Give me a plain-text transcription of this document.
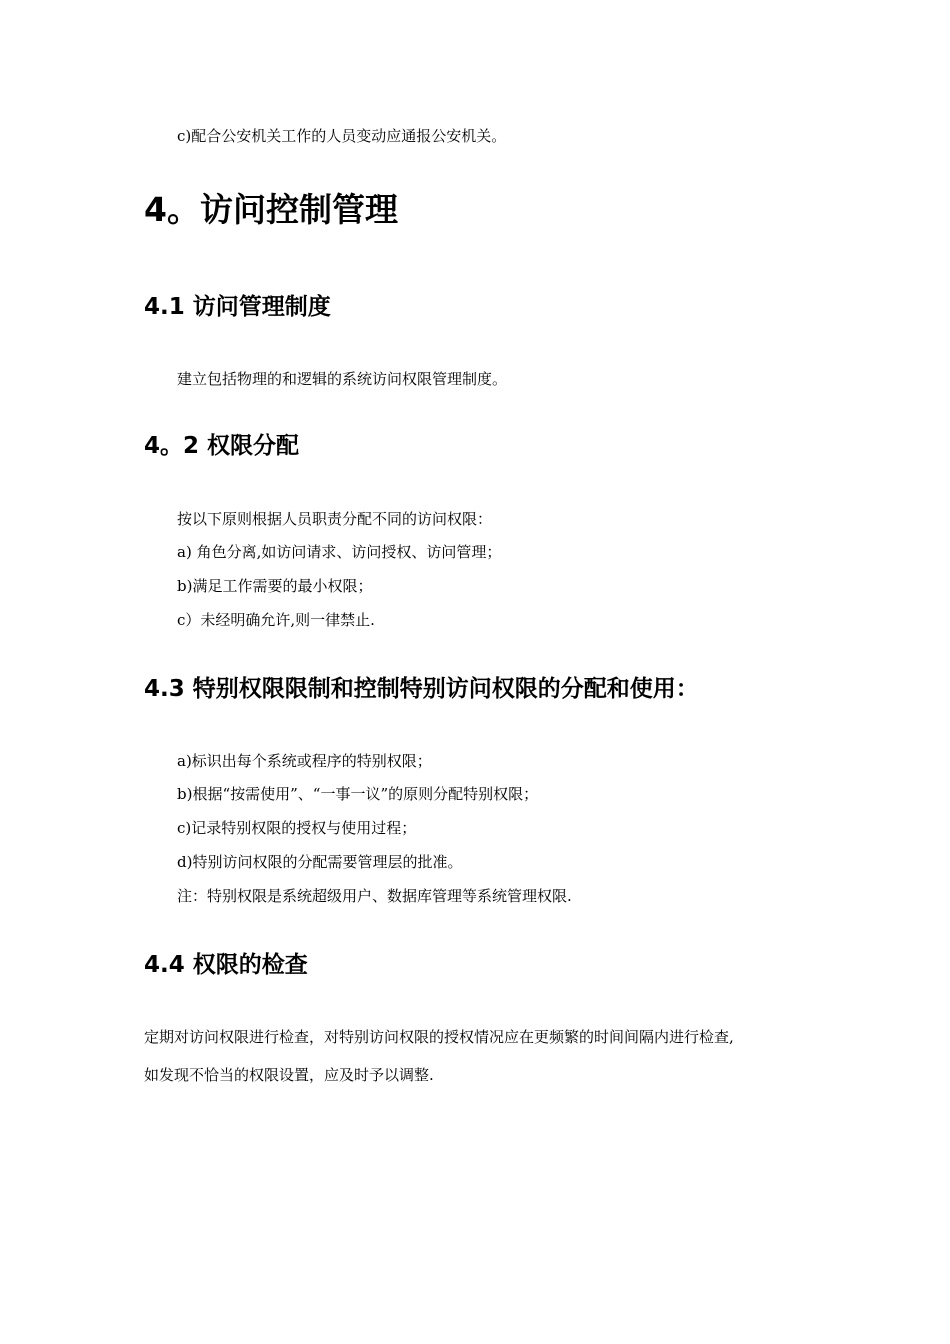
c)配合公安机关工作的人员变动应通报公安机关。
4。访问控制管理
4.1 访问管理制度
建立包括物理的和逻辑的系统访问权限管理制度。
4。2 权限分配
按以下原则根据人员职责分配不同的访问权限：
a) 角色分离,如访问请求、访问授权、访问管理；
b)满足工作需要的最小权限；
c）未经明确允许,则一律禁止.
4.3 特别权限限制和控制特别访问权限的分配和使用：
a)标识出每个系统或程序的特别权限；
b)根据“按需使用”、“一事一议”的原则分配特别权限；
c)记录特别权限的授权与使用过程；
d)特别访问权限的分配需要管理层的批准。
注：特别权限是系统超级用户、数据库管理等系统管理权限.
4.4 权限的检查
定期对访问权限进行检查，对特别访问权限的授权情况应在更频繁的时间间隔内进行检查,
如发现不恰当的权限设置，应及时予以调整.
